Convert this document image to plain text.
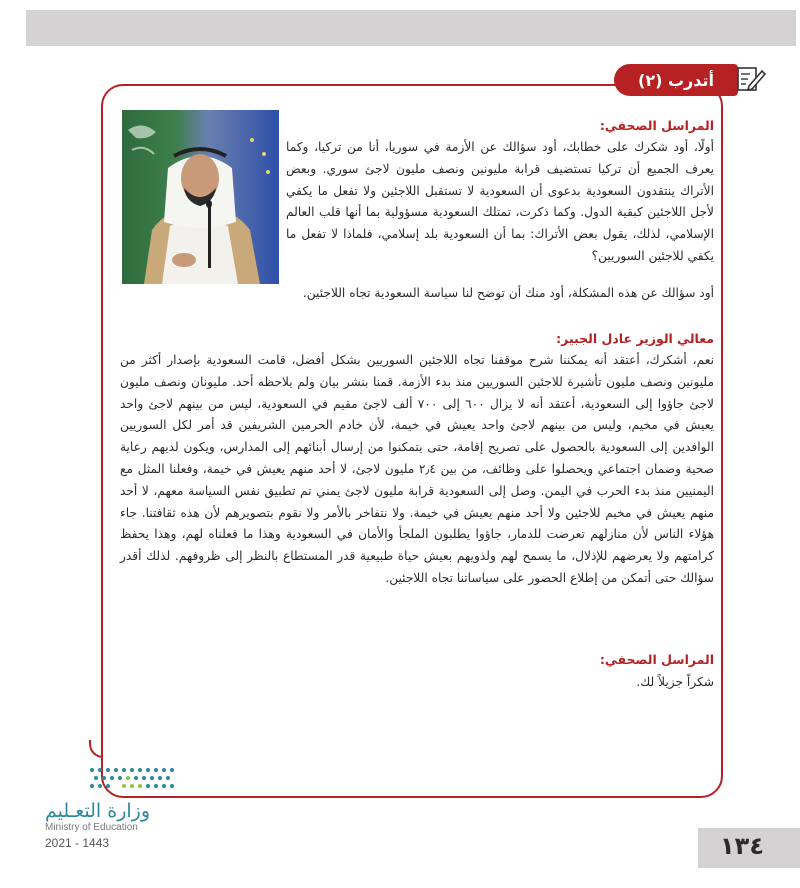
أتدرب (٢)
المراسل الصحفي:
أولًا، أود شكرك على خطابك، أود سؤالك عن الأزمة في سوريا، أنا من تركيا، وكما يعرف الجميع أن تركيا تستضيف قرابة مليونين ونصف مليون لاجئ سوري. وبعض الأتراك ينتقدون السعودية بدعوى أن السعودية لا تستقبل اللاجئين ولا تفعل ما يكفي لأجل اللاجئين كبقية الدول. وكما ذكرت، تمتلك السعودية مسؤولية بما أنها قلب العالم الإسلامي، لذلك، يقول بعض الأتراك: بما أن السعودية بلد إسلامي، فلماذا لا تفعل ما يكفي للاجئين السوريين؟
أود سؤالك عن هذه المشكلة، أود منك أن توضح لنا سياسة السعودية تجاه اللاجئين.
معالي الوزير عادل الجبير:
نعم، أشكرك، أعتقد أنه يمكننا شرح موقفنا تجاه اللاجئين السوريين بشكل أفضل، قامت السعودية بإصدار أكثر من مليونين ونصف مليون تأشيرة للاجئين السوريين منذ بدء الأزمة. قمنا بنشر بيان ولم يلاحظه أحد. مليونان ونصف مليون لاجئ جاؤوا إلى السعودية، أعتقد أنه لا يزال ٦٠٠ إلى ٧٠٠ ألف لاجئ مقيم في السعودية، ليس من بينهم لاجئ واحد يعيش في مخيم، وليس من بينهم لاجئ واحد يعيش في خيمة، لأن خادم الحرمين الشريفين قد أمر لكل السوريين الوافدين إلى السعودية بالحصول على تصريح إقامة، حتى يتمكنوا من إرسال أبنائهم إلى المدارس، ويكون لديهم رعاية صحية وضمان اجتماعي ويحصلوا على وظائف، من بين ٢٫٤ مليون لاجئ، لا أحد منهم يعيش في خيمة، وفعلنا المثل مع اليمنيين منذ بدء الحرب في اليمن. وصل إلى السعودية قرابة مليون لاجئ يمني تم تطبيق نفس السياسة معهم، لا أحد منهم يعيش في مخيم للاجئين ولا أحد منهم يعيش في خيمة. ولا نتفاخر بالأمر ولا نقوم بتصويرهم لأن هذه ثقافتنا. جاء هؤلاء الناس لأن منازلهم تعرضت للدمار، جاؤوا يطلبون الملجأ والأمان في السعودية وهذا ما فعلناه لهم، وهذا يحفظ كرامتهم ولا يعرضهم للإذلال، ما يسمح لهم ولذويهم بعيش حياة طبيعية قدر المستطاع بالنظر إلى ظروفهم. لذلك أقدر سؤالك حتى أتمكن من إطلاع الحضور على سياساتنا تجاه اللاجئين.
المراسل الصحفي:
شكراً جزيلاً لك.
وزارة التعـليم
Ministry of Education
2021 - 1443	١٣٤
